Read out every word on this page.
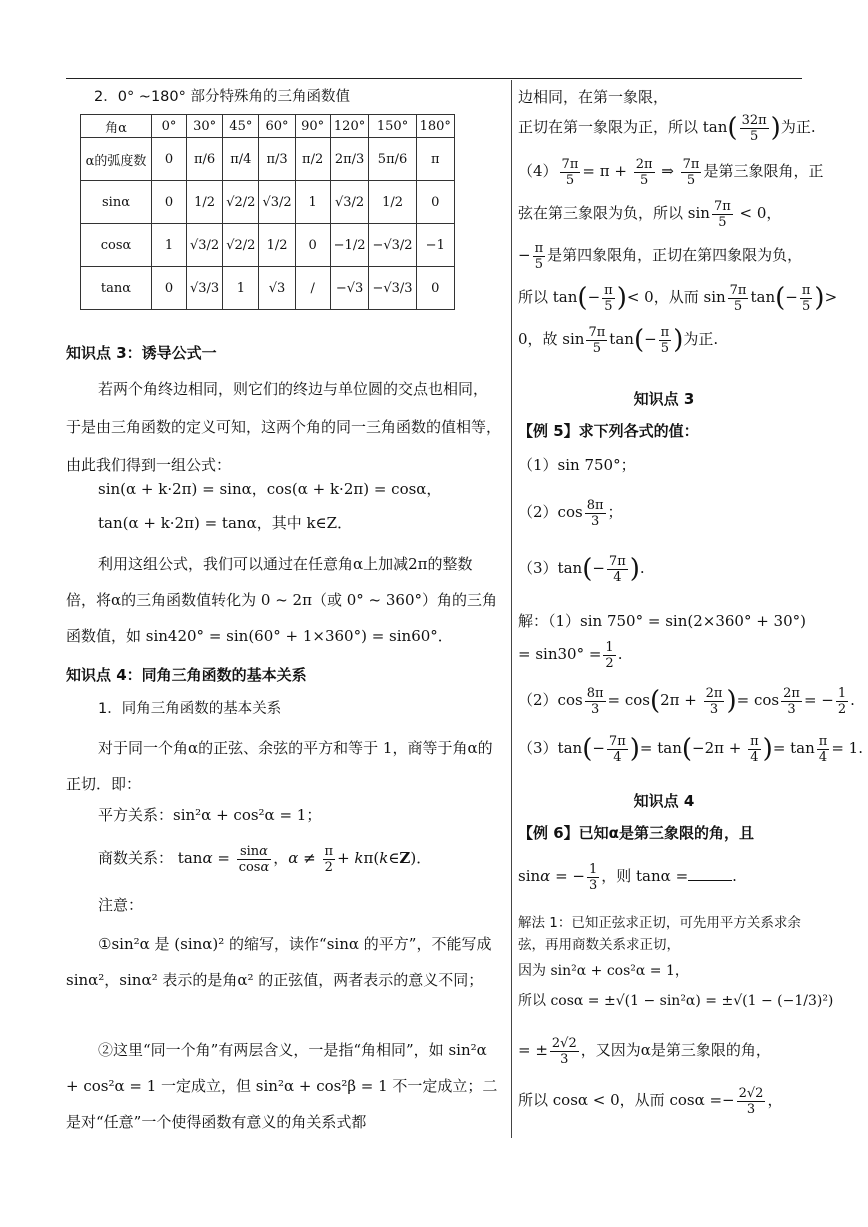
2．0° ~180° 部分特殊角的三角函数值
角α	0°	30°	45°	60°	90°	120°	150°	180°
α的弧度数	0	π/6	π/4	π/3	π/2	2π/3	5π/6	π
sinα	0	1/2	√2/2	√3/2	1	√3/2	1/2	0
cosα	1	√3/2	√2/2	1/2	0	−1/2	−√3/2	−1
tanα	0	√3/3	1	√3	/	−√3	−√3/3	0
知识点 3：诱导公式一
若两个角终边相同，则它们的终边与单位圆的交点也相同，于是由三角函数的定义可知，这两个角的同一三角函数的值相等，由此我们得到一组公式：
sin(α + k·2π) = sinα，cos(α + k·2π) = cosα，
tan(α + k·2π) = tanα，其中 k∈Z．
利用这组公式，我们可以通过在任意角α上加减2π的整数倍，将α的三角函数值转化为 0 ~ 2π（或 0° ~ 360°）角的三角函数值，如 sin420° = sin(60° + 1×360°) = sin60°．
知识点 4：同角三角函数的基本关系
1．同角三角函数的基本关系
对于同一个角α的正弦、余弦的平方和等于 1，商等于角α的正切．即：
平方关系：sin²α + cos²α = 1；
商数关系： $\tan\alpha = \frac{\sin\alpha}{\cos\alpha}$ ，$\alpha \ne \frac{\pi}{2}$ + kπ(k∈Z)．
注意：
①sin²α 是 (sinα)² 的缩写，读作“sinα 的平方”，不能写成 sinα²，sinα² 表示的是角α² 的正弦值，两者表示的意义不同；
②这里“同一个角”有两层含义，一是指“角相同”，如 sin²α + cos²α = 1 一定成立，但 sin²α + cos²β = 1 不一定成立；二是对“任意”一个使得函数有意义的角关系式都
边相同，在第一象限，
正切在第一象限为正，所以 $\tan( \frac{32\pi}{5}$ )为正.
$(4) \frac{7\pi}{5} = \pi + \frac{2\pi}{5}$ ⇒ $\frac{7\pi}{5}$ 是第三象限角，正
弦在第三象限为负，所以 $\sin \frac{7\pi}{5} < 0$，
− $\frac{\pi}{5}$ 是第四象限角，正切在第四象限为负，
所以 $\tan(- \frac{\pi}{5}$ )< 0，从而 $\sin \frac{7\pi}{5} \tan(- \frac{\pi}{5}$ )>
0，故 $\sin \frac{7\pi}{5} \tan(- \frac{\pi}{5}$ )为正.
知识点 3
【例 5】求下列各式的值：
（1）sin 750°；
$(2)\cos \frac{8\pi}{3}$ ；
$(3)\tan(- \frac{7\pi}{4}$ ).
解：（1）sin 750° = sin(2×360° + 30°)
= $\sin 30^\circ = \frac{1}{2}$ .
$(2)\cos \frac{8\pi}{3} = \cos(2\pi + \frac{2\pi}{3}$ )= $\cos \frac{2\pi}{3}$ = − $\frac{1}{2}$ .
$(3)\tan(- \frac{7\pi}{4}$ )= $\tan(-2\pi + \frac{\pi}{4}$ )= $\tan \frac{\pi}{4} = 1$.
知识点 4
【例 6】已知α是第三象限的角，且
sinα = − $\frac{1}{3}$ ，则 tanα =	.
解法 1：已知正弦求正切，可先用平方关系求余弦，再用商数关系求正切，
因为 sin²α + cos²α = 1，
所以 cosα = ±√(1 − sin²α) = ±√(1 − (−1/3)²)
= ± $\frac{2√2}{3}$ ，又因为α是第三象限的角，
所以 cosα < 0，从而 $\cos\alpha =- \frac{2√2}{3}$ ，
